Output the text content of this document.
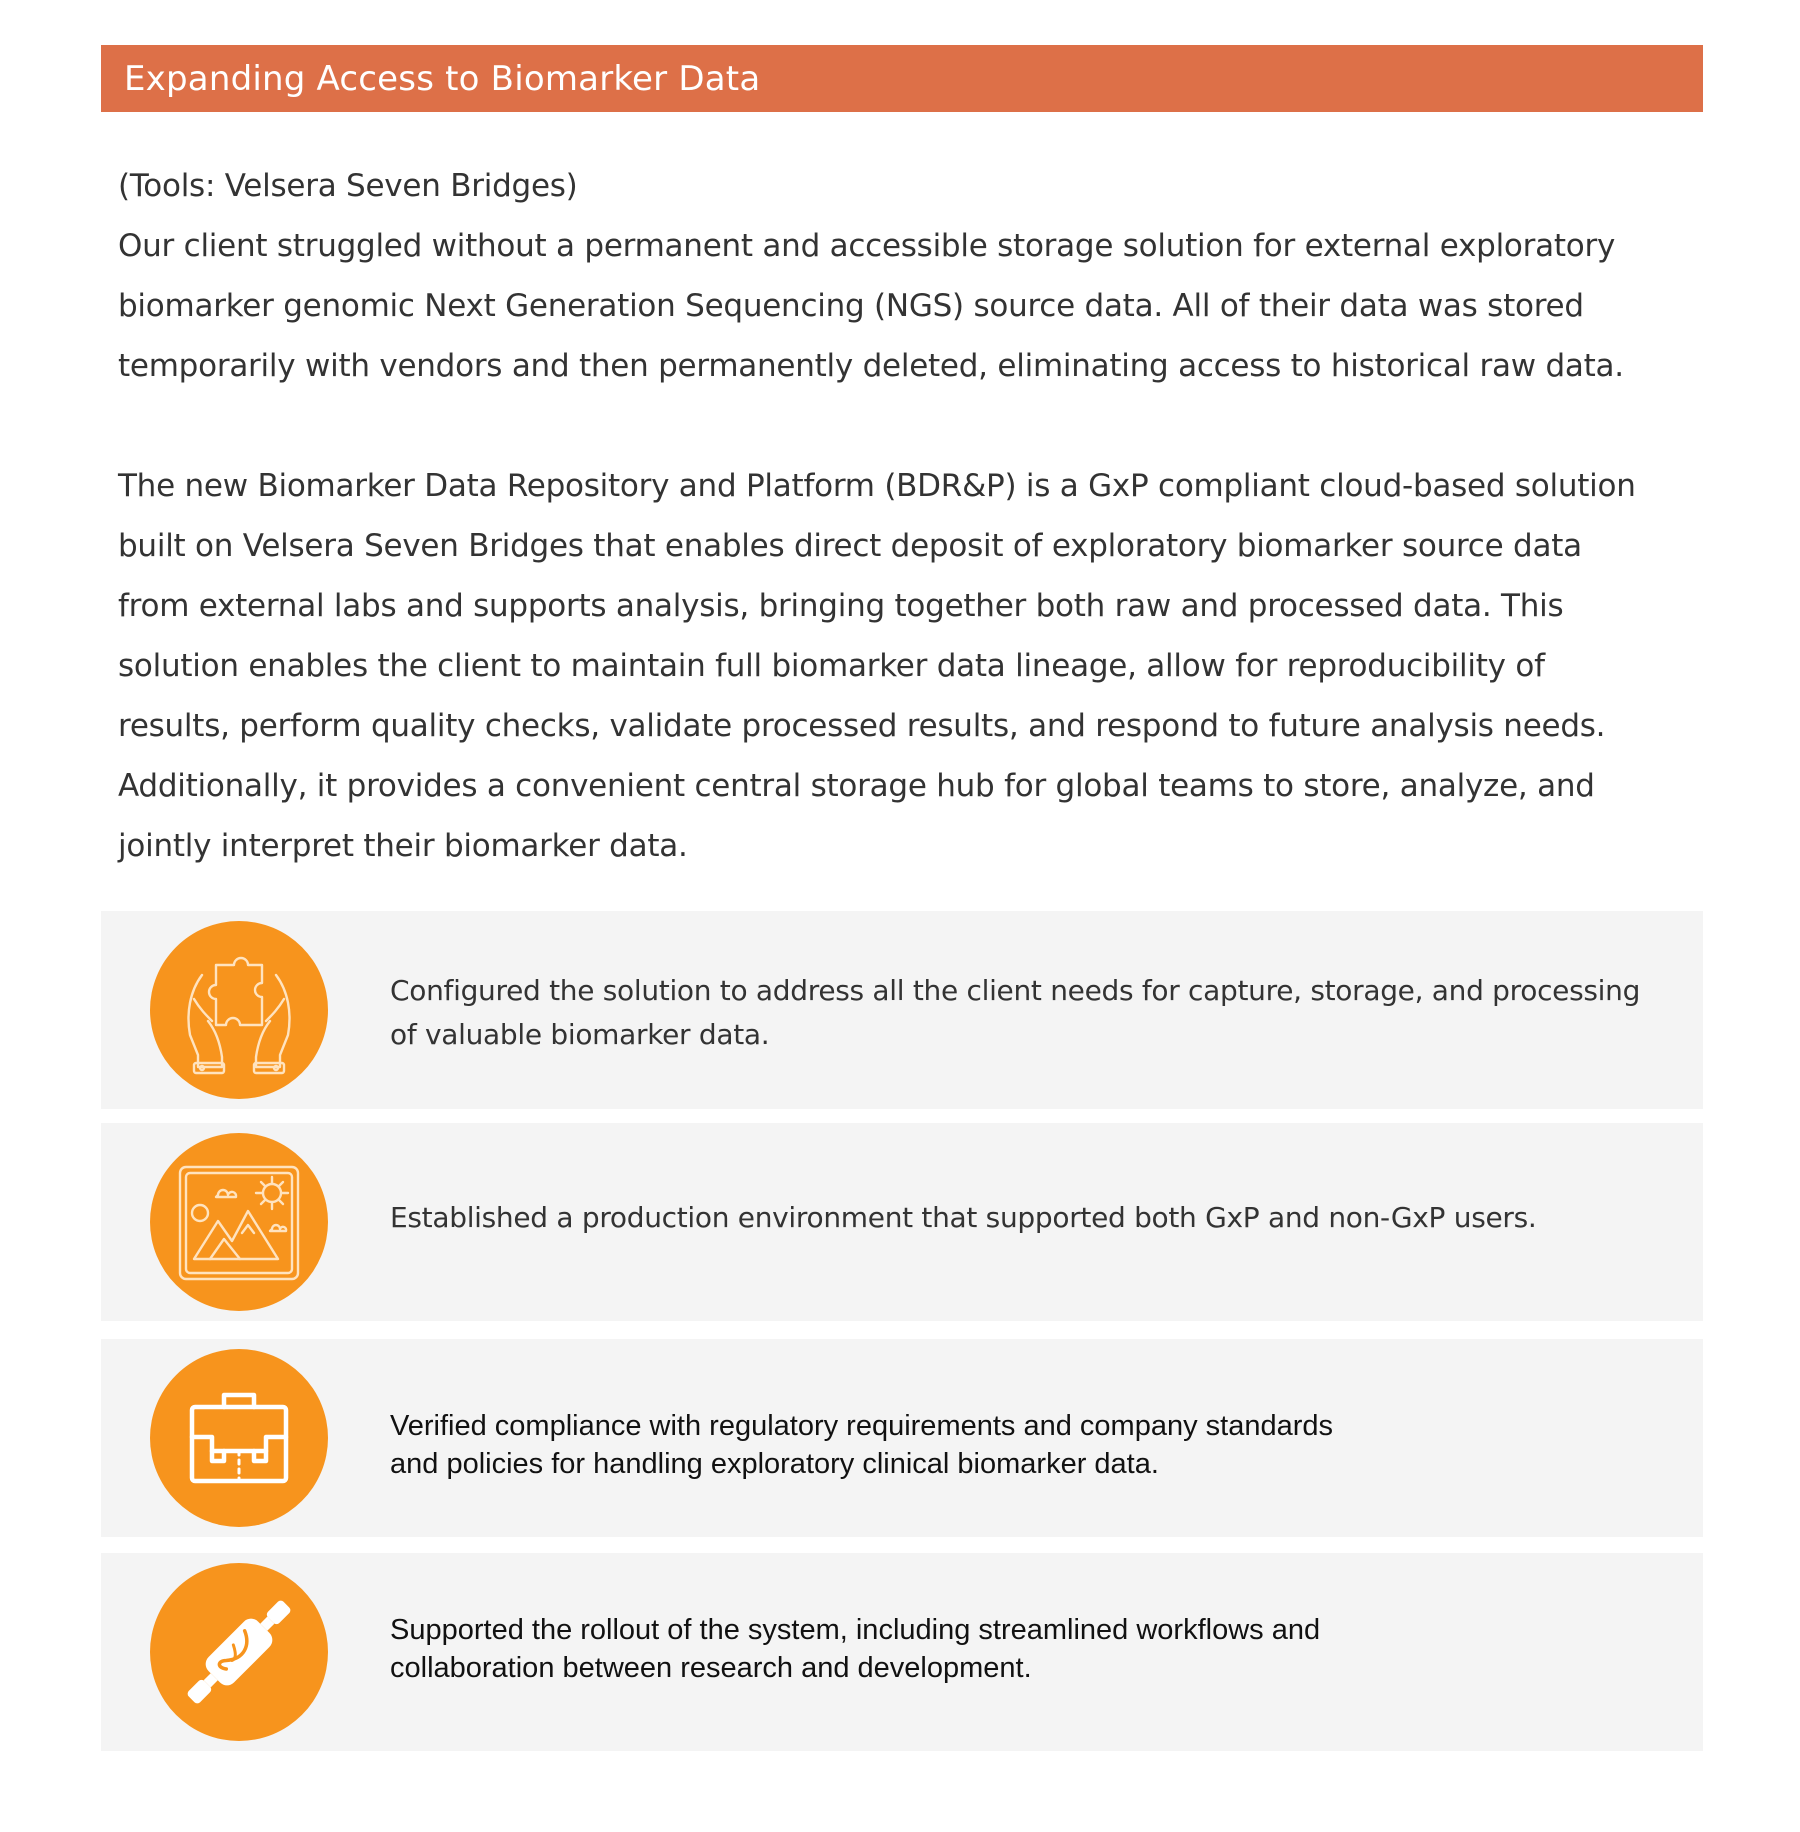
Expanding Access to Biomarker Data
(Tools: Velsera Seven Bridges)
Our client struggled without a permanent and accessible storage solution for external exploratory
biomarker genomic Next Generation Sequencing (NGS) source data. All of their data was stored
temporarily with vendors and then permanently deleted, eliminating access to historical raw data.
The new Biomarker Data Repository and Platform (BDR&P) is a GxP compliant cloud-based solution
built on Velsera Seven Bridges that enables direct deposit of exploratory biomarker source data
from external labs and supports analysis, bringing together both raw and processed data. This
solution enables the client to maintain full biomarker data lineage, allow for reproducibility of
results, perform quality checks, validate processed results, and respond to future analysis needs.
Additionally, it provides a convenient central storage hub for global teams to store, analyze, and
jointly interpret their biomarker data.
Configured the solution to address all the client needs for capture, storage, and processing
of valuable biomarker data.
Established a production environment that supported both GxP and non-GxP users.
Verified compliance with regulatory requirements and company standards
and policies for handling exploratory clinical biomarker data.
Supported the rollout of the system, including streamlined workflows and
collaboration between research and development.
